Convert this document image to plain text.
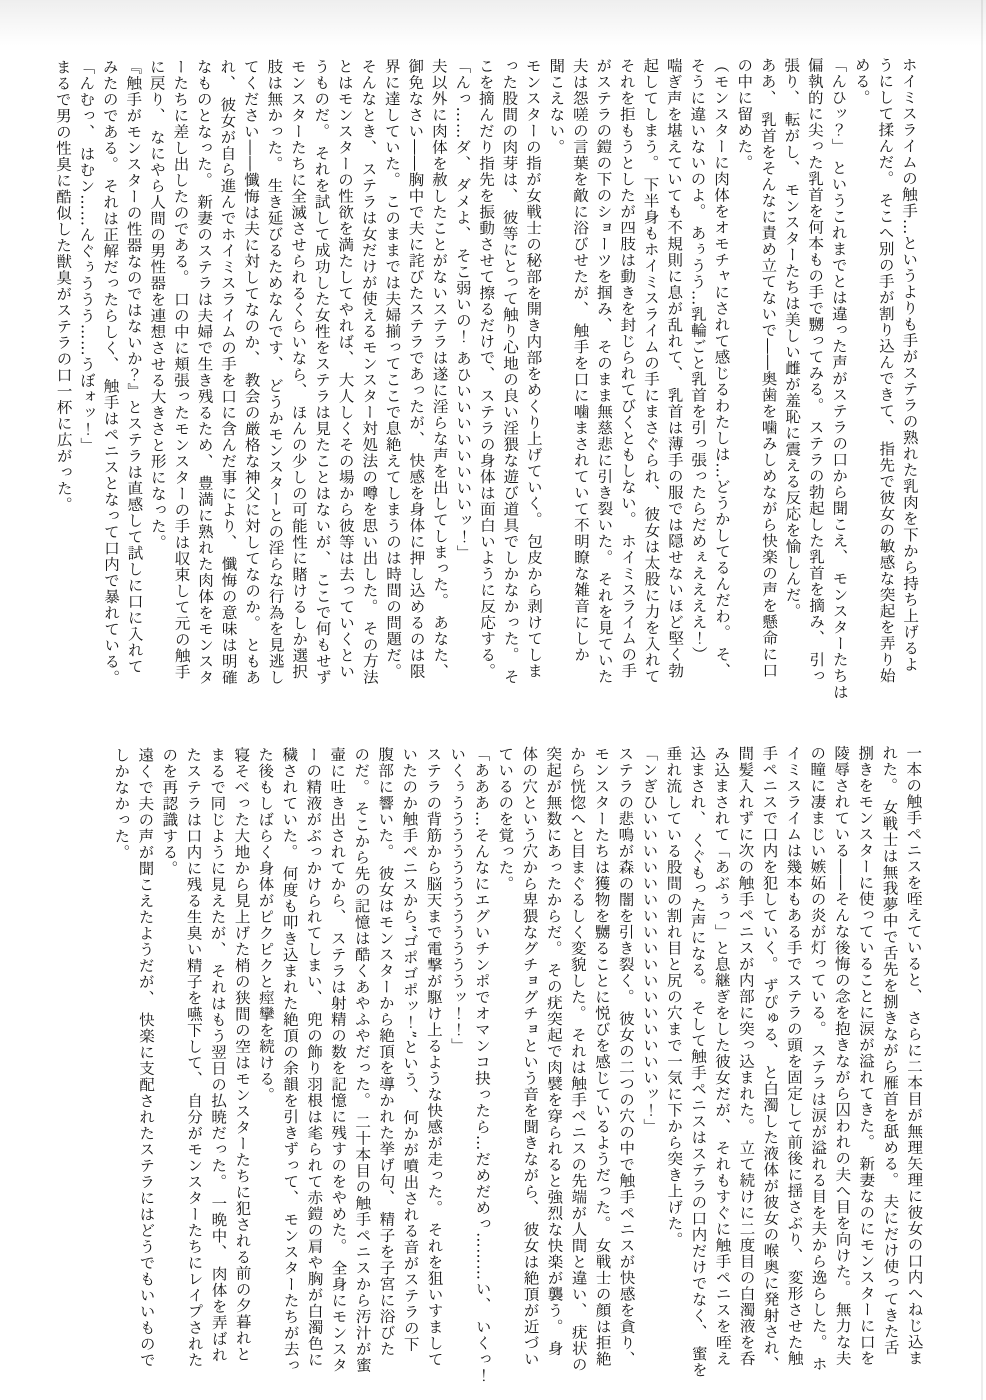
ホイミスライムの触手…というよりも手がステラの熟れた乳肉を下から持ち上げるよ
うにして揉んだ。 そこへ別の手が割り込んできて、 指先で彼女の敏感な突起を弄り始
める。
「んひッ？」 というこれまでとは違った声がステラの口から聞こえ、 モンスターたちは
偏執的に尖った乳首を何本もの手で嬲ってみる。 ステラの勃起した乳首を摘み、 引っ
張り、 転がし、 モンスターたちは美しい雌が羞恥に震える反応を愉しんだ。
ああ、 乳首をそんなに責め立てないで――奥歯を噛みしめながら快楽の声を懸命に口
の中に留めた。
（モンスターに肉体をオモチャにされて感じるわたしは…どうかしてるんだわ。 そ、
そうに違いないのよ。 あぅうう…乳輪ごと乳首を引っ張ったらだめぇええええ！）
喘ぎ声を堪えていても不規則に息が乱れて、 乳首は薄手の服では隠せないほど堅く勃
起してしまう。 下半身もホイミスライムの手にまさぐられ、 彼女は太股に力を入れて
それを拒もうとしたが四肢は動きを封じられてびくともしない。 ホイミスライムの手
がステラの鎧の下のショーツを掴み、 そのまま無慈悲に引き裂いた。 それを見ていた
夫は怨嗟の言葉を敵に浴びせたが、 触手を口に噛まされていて不明瞭な雑音にしか
聞こえない。
モンスターの指が女戦士の秘部を開き内部をめくり上げていく。 包皮から剥けてしま
った股間の肉芽は、 彼等にとって触り心地の良い淫猥な遊び道具でしかなかった。 そ
こを摘んだり指先を振動させて擦るだけで、 ステラの身体は面白いように反応する。
「んっ……ダ、 ダメよ、 そこ弱いの！ あひいいいいいいいいッ！」
夫以外に肉体を赦したことがないステラは遂に淫らな声を出してしまった。 あなた、
御免なさい――胸中で夫に詫びたステラであったが、 快感を身体に押し込めるのは限
界に達していた。 このままでは夫婦揃ってここで息絶えてしまうのは時間の問題だ。
そんなとき、 ステラは女だけが使えるモンスター対処法の噂を思い出した。 その方法
とはモンスターの性欲を満たしてやれば、 大人しくその場から彼等は去っていくとい
うものだ。 それを試して成功した女性をステラは見たことはないが、 ここで何もせず
モンスターたちに全滅させられるくらいなら、 ほんの少しの可能性に賭けるしか選択
肢は無かった。 生き延びるためなんです、 どうかモンスターとの淫らな行為を見逃し
てください――懺悔は夫に対してなのか、 教会の厳格な神父に対してなのか。 ともあ
れ、 彼女が自ら進んでホイミスライムの手を口に含んだ事により、 懺悔の意味は明確
なものとなった。 新妻のステラは夫婦で生き残るため、 豊満に熟れた肉体をモンスタ
ーたちに差し出したのである。 口の中に頬張ったモンスターの手は収束して元の触手
に戻り、 なにやら人間の男性器を連想させる大きさと形になった。
『触手がモンスターの性器なのではないか？』とステラは直感して試しに口に入れて
みたのである。 それは正解だったらしく、 触手はペニスとなって口内で暴れている。
「んむっ、 はむン……んぐぅううう……うぼォッ！」
まるで男の性臭に酷似した獣臭がステラの口一杯に広がった。
一本の触手ペニスを咥えていると、 さらに二本目が無理矢理に彼女の口内へねじ込ま
れた。 女戦士は無我夢中で舌先を捌きながら雁首を舐める。 夫にだけ使ってきた舌
捌きをモンスターに使っていることに涙が溢れてきた。 新妻なのにモンスターに口を
陵辱されている――そんな後悔の念を抱きながら囚われの夫へ目を向けた。 無力な夫
の瞳に凄まじい嫉妬の炎が灯っている。 ステラは涙が溢れる目を夫から逸らした。 ホ
イミスライムは幾本もある手でステラの頭を固定して前後に揺さぶり、 変形させた触
手ペニスで口内を犯していく。 ずぴゅる、 と白濁した液体が彼女の喉奥に発射され、
間髪入れずに次の触手ペニスが内部に突っ込まれた。 立て続けに二度目の白濁液を呑
み込まされて「あぶぅっ」と息継ぎをした彼女だが、 それもすぐに触手ペニスを咥え
込まされ、 くぐもった声になる。 そして触手ペニスはステラの口内だけでなく、 蜜を
垂れ流している股間の割れ目と尻の穴まで一気に下から突き上げた。
「ンぎひいいいいいいいいいいいいいいいいいッ！」
ステラの悲鳴が森の闇を引き裂く。 彼女の二つの穴の中で触手ペニスが快感を貪り、
モンスターたちは獲物を嬲ることに悦びを感じているようだった。 女戦士の顔は拒絶
から恍惚へと目まぐるしく変貌した。 それは触手ペニスの先端が人間と違い、 疣状の
突起が無数にあったからだ。 その疣突起で肉襞を穿られると強烈な快楽が襲う。 身
体の穴という穴から卑猥なグチョグチョという音を聞きながら、 彼女は絶頂が近づい
ているのを覚った。
「あああ…そんなにエグいチンポでオマンコ抉ったら…だめだめっ………い、 いくっ！
いくぅううううううううううううッ！！」
ステラの背筋から脳天まで電撃が駆け上るような快感が走った。 それを狙いすまして
いたのか触手ペニスから”ゴポゴポッ！”という、 何かが噴出される音がステラの下
腹部に響いた。 彼女はモンスターから絶頂を導かれた挙げ句、 精子を子宮に浴びた
のだ。 そこから先の記憶は酷くあやふやだった。 二十本目の触手ペニスから汚汁が蜜
壷に吐き出されてから、 ステラは射精の数を記憶に残すのをやめた。 全身にモンスタ
ーの精液がぶっかけられてしまい、 兜の飾り羽根は毟られて赤鎧の肩や胸が白濁色に
穢されていた。 何度も叩き込まれた絶頂の余韻を引きずって、 モンスターたちが去っ
た後もしばらく身体がピクピクと痙攣を続ける。
寝そべった大地から見上げた梢の狭間の空はモンスターたちに犯される前の夕暮れと
まるで同じように見えたが、 それはもう翌日の払暁だった。 一晩中、 肉体を弄ばれ
たステラは口内に残る生臭い精子を嚥下して、 自分がモンスターたちにレイプされた
のを再認識する。
遠くで夫の声が聞こえたようだが、 快楽に支配されたステラにはどうでもいいもので
しかなかった。
